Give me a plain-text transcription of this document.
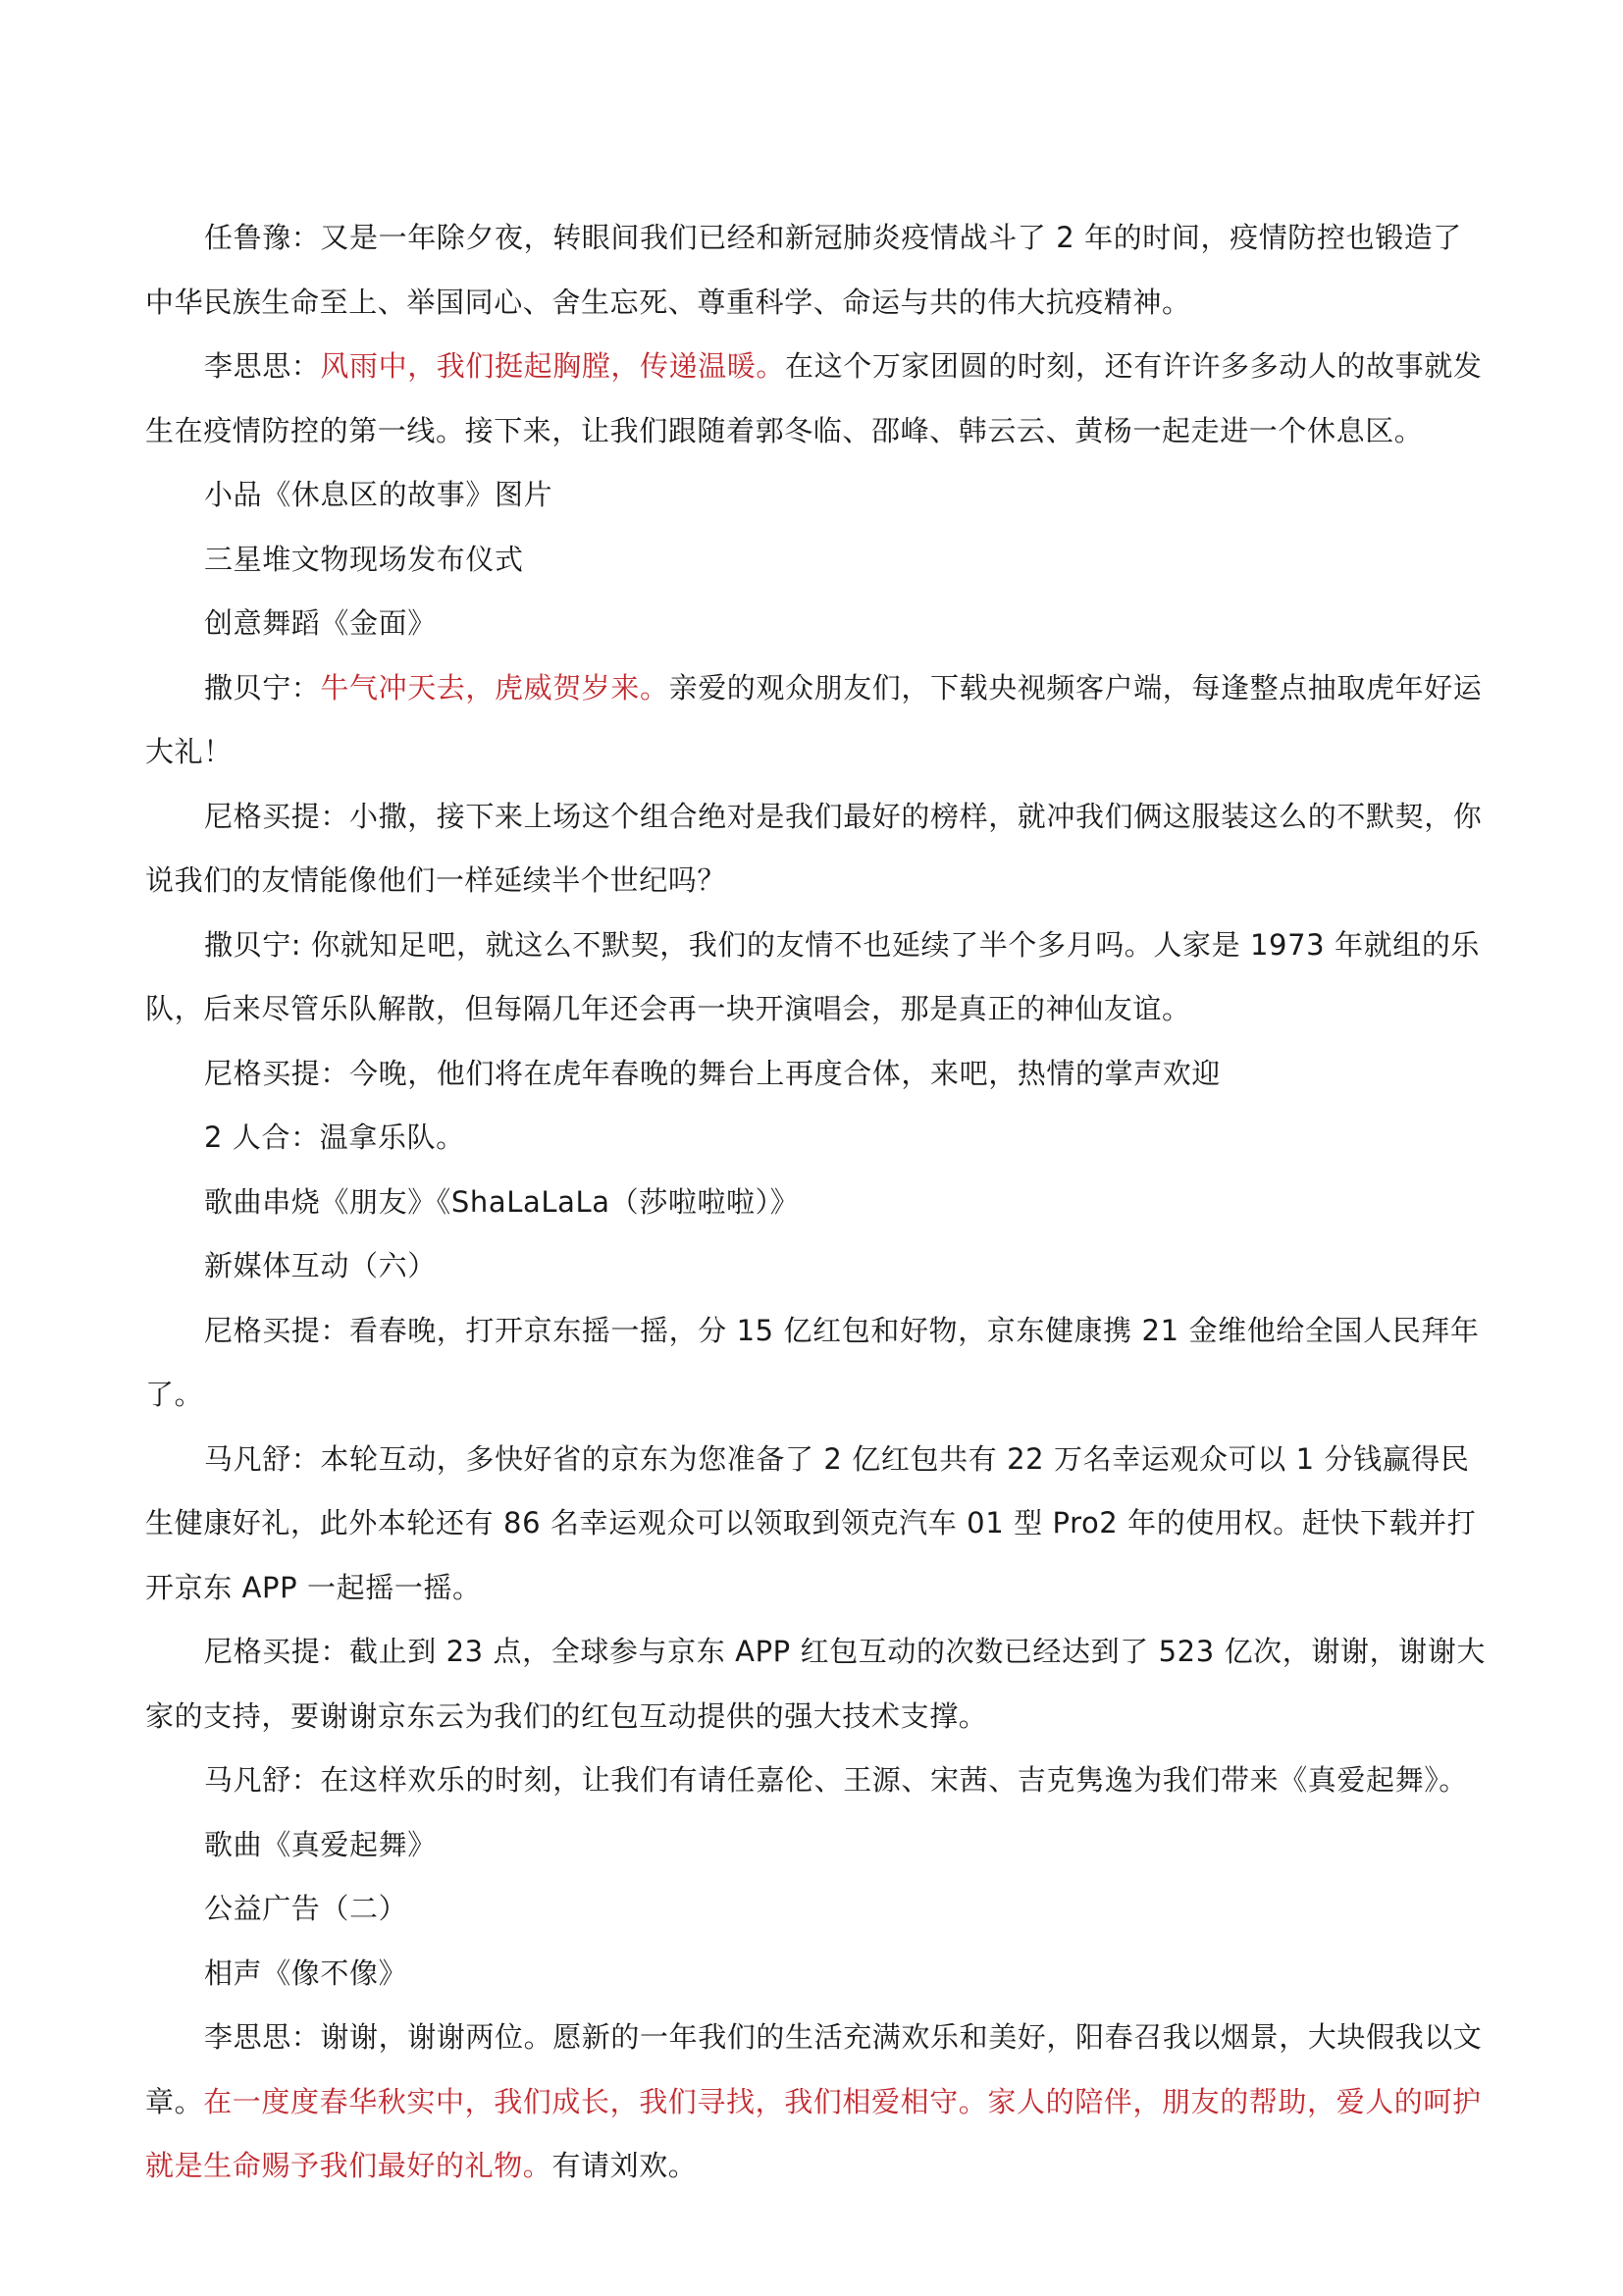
任鲁豫：又是一年除夕夜，转眼间我们已经和新冠肺炎疫情战斗了 2 年的时间，疫情防控也锻造了中华民族生命至上、举国同心、舍生忘死、尊重科学、命运与共的伟大抗疫精神。

李思思：风雨中，我们挺起胸膛，传递温暖。在这个万家团圆的时刻，还有许许多多动人的故事就发生在疫情防控的第一线。接下来，让我们跟随着郭冬临、邵峰、韩云云、黄杨一起走进一个休息区。

小品《休息区的故事》图片

三星堆文物现场发布仪式

创意舞蹈《金面》

撒贝宁：牛气冲天去，虎威贺岁来。亲爱的观众朋友们，下载央视频客户端，每逢整点抽取虎年好运大礼！

尼格买提：小撒，接下来上场这个组合绝对是我们最好的榜样，就冲我们俩这服装这么的不默契，你说我们的友情能像他们一样延续半个世纪吗？

撒贝宁: 你就知足吧，就这么不默契，我们的友情不也延续了半个多月吗。人家是 1973 年就组的乐队，后来尽管乐队解散，但每隔几年还会再一块开演唱会，那是真正的神仙友谊。

尼格买提：今晚，他们将在虎年春晚的舞台上再度合体，来吧，热情的掌声欢迎

2 人合：温拿乐队。

歌曲串烧《朋友》《ShaLaLaLa（莎啦啦啦）》

新媒体互动（六）

尼格买提：看春晚，打开京东摇一摇，分 15 亿红包和好物，京东健康携 21 金维他给全国人民拜年了。

马凡舒：本轮互动，多快好省的京东为您准备了 2 亿红包共有 22 万名幸运观众可以 1 分钱赢得民生健康好礼，此外本轮还有 86 名幸运观众可以领取到领克汽车 01 型 Pro2 年的使用权。赶快下载并打开京东 APP 一起摇一摇。

尼格买提：截止到 23 点，全球参与京东 APP 红包互动的次数已经达到了 523 亿次，谢谢，谢谢大家的支持，要谢谢京东云为我们的红包互动提供的强大技术支撑。

马凡舒：在这样欢乐的时刻，让我们有请任嘉伦、王源、宋茜、吉克隽逸为我们带来《真爱起舞》。

歌曲《真爱起舞》

公益广告（二）

相声《像不像》

李思思：谢谢，谢谢两位。愿新的一年我们的生活充满欢乐和美好，阳春召我以烟景，大块假我以文章。在一度度春华秋实中，我们成长，我们寻找，我们相爱相守。家人的陪伴，朋友的帮助，爱人的呵护就是生命赐予我们最好的礼物。有请刘欢。
